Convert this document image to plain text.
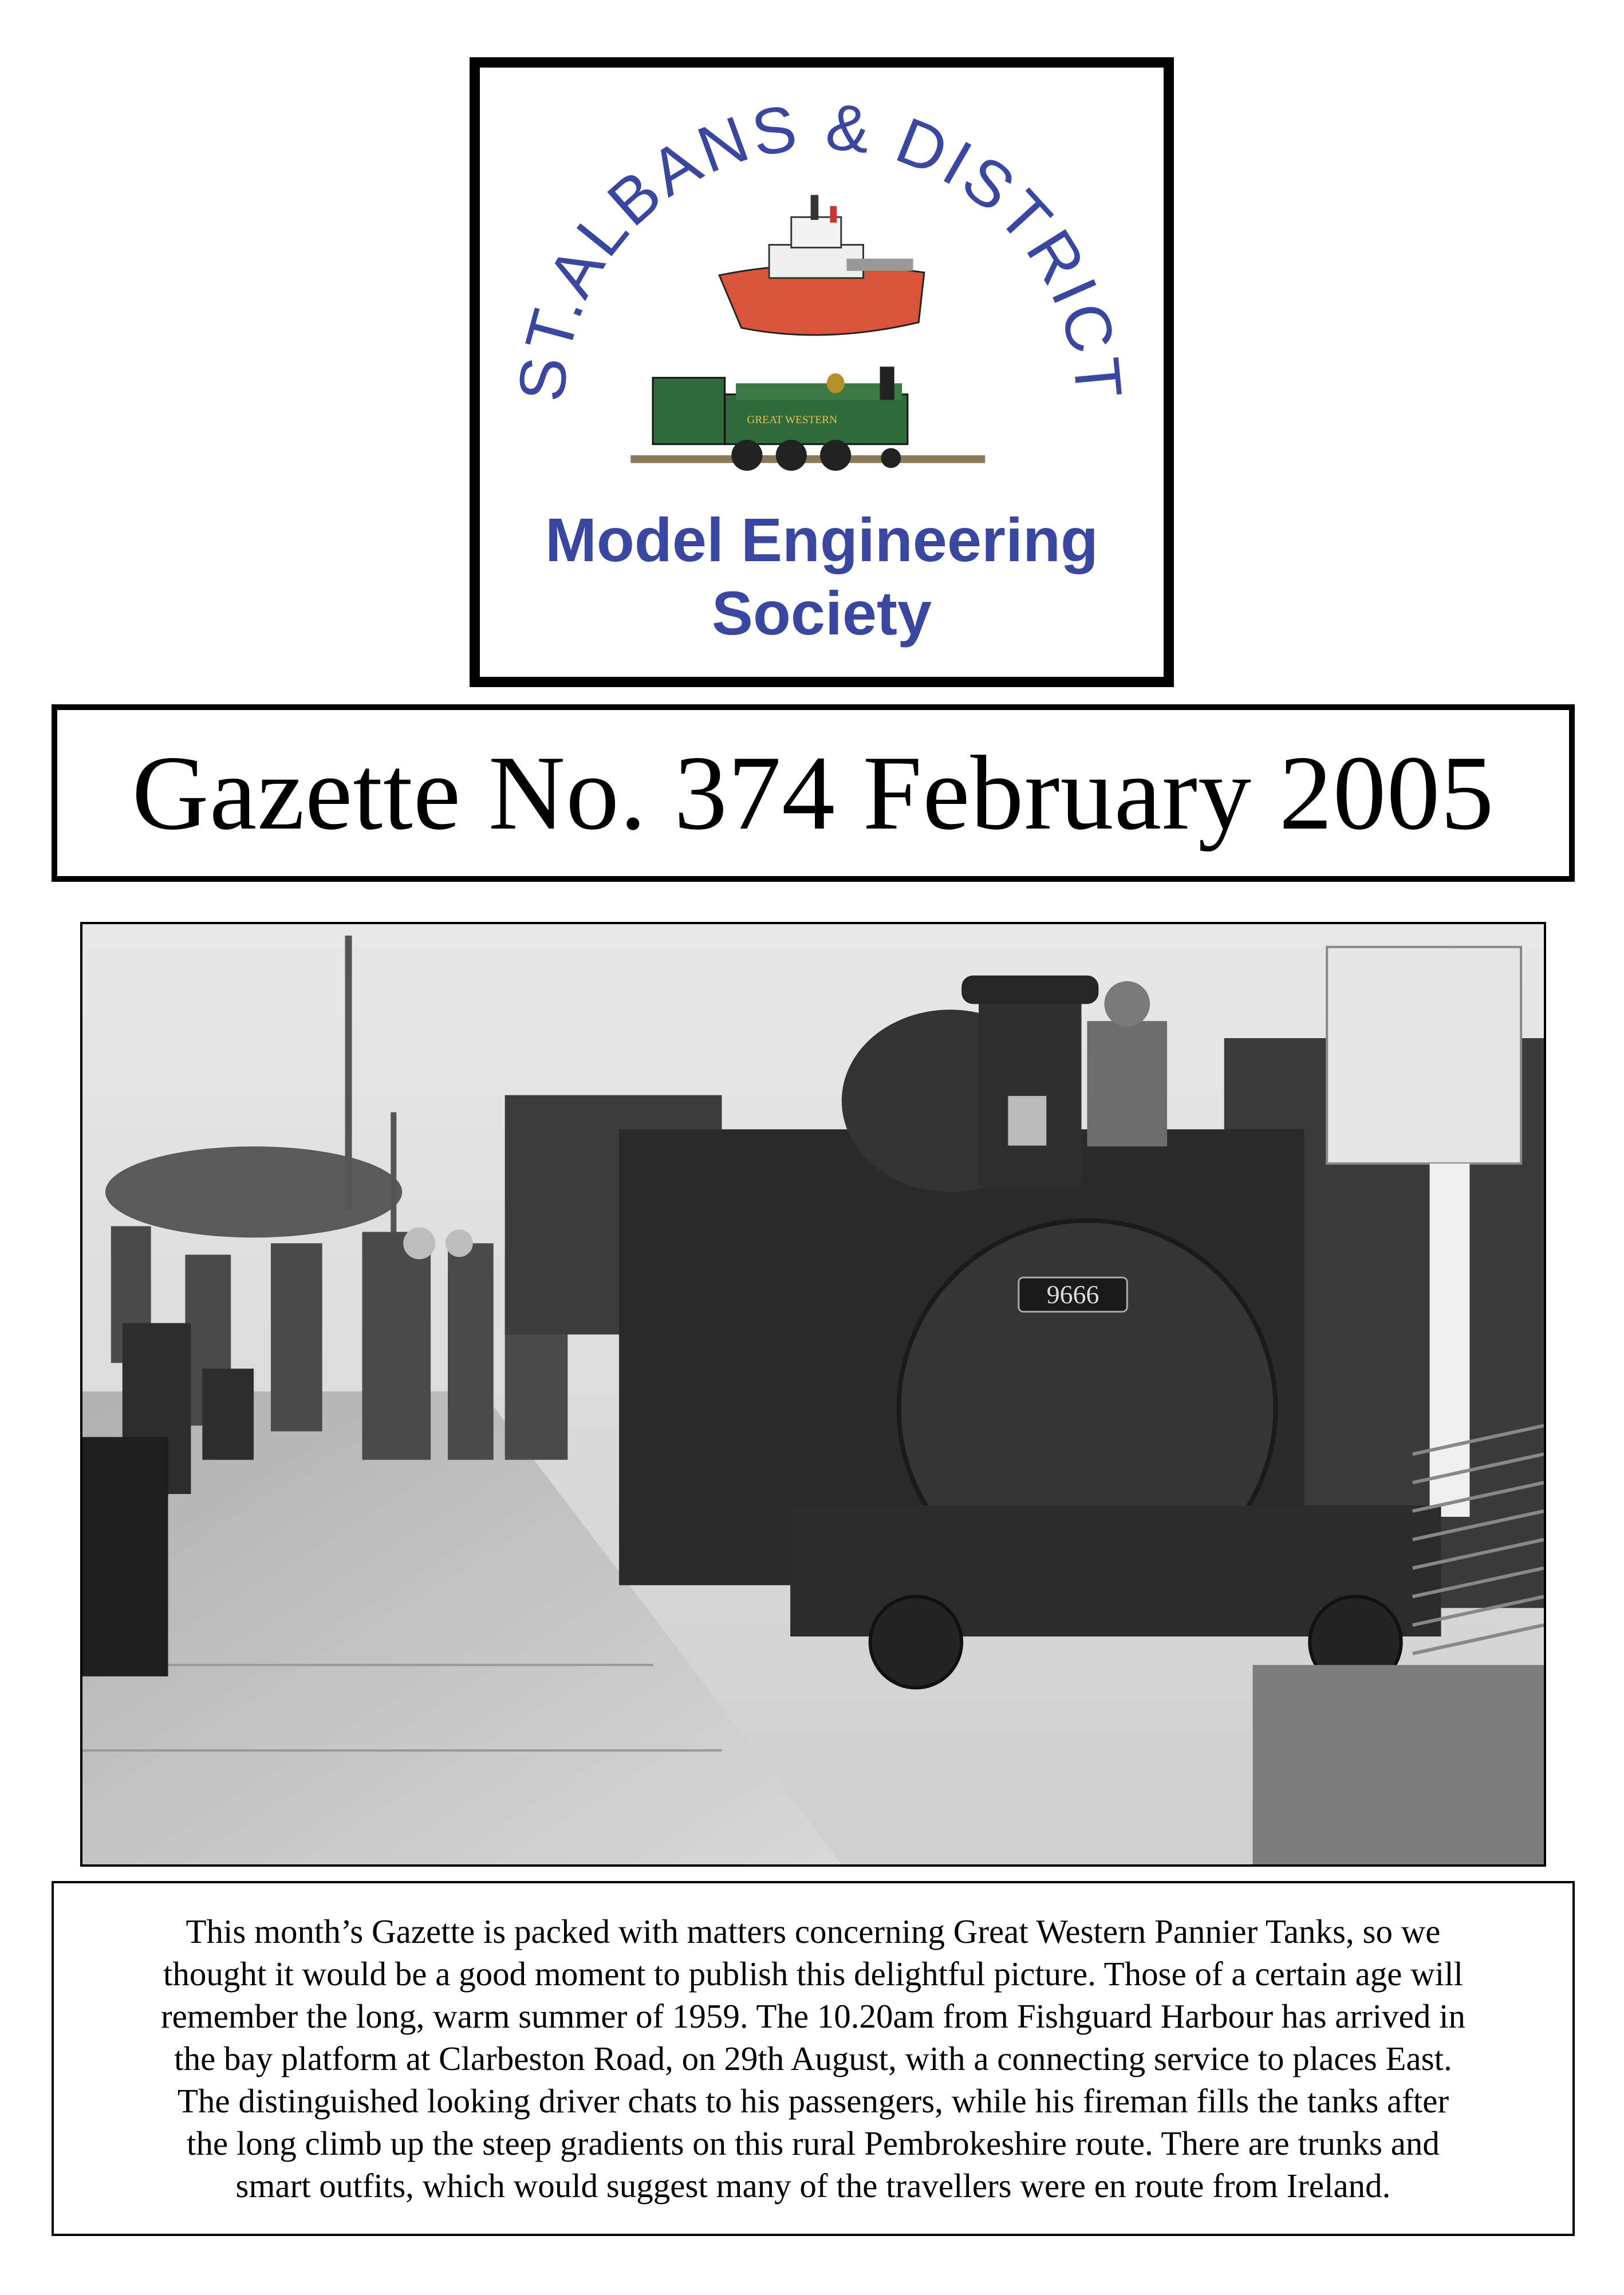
ST.ALBANS & DISTRICT
GREAT WESTERN
Model Engineering
Society
Gazette No. 374 February 2005
9666
This month’s Gazette is packed with matters concerning Great Western Pannier Tanks, so we
thought it would be a good moment to publish this delightful picture. Those of a certain age will
remember the long, warm summer of 1959. The 10.20am from Fishguard Harbour has arrived in
the bay platform at Clarbeston Road, on 29th August, with a connecting service to places East.
The distinguished looking driver chats to his passengers, while his fireman fills the tanks after
the long climb up the steep gradients on this rural Pembrokeshire route. There are trunks and
smart outfits, which would suggest many of the travellers were en route from Ireland.
